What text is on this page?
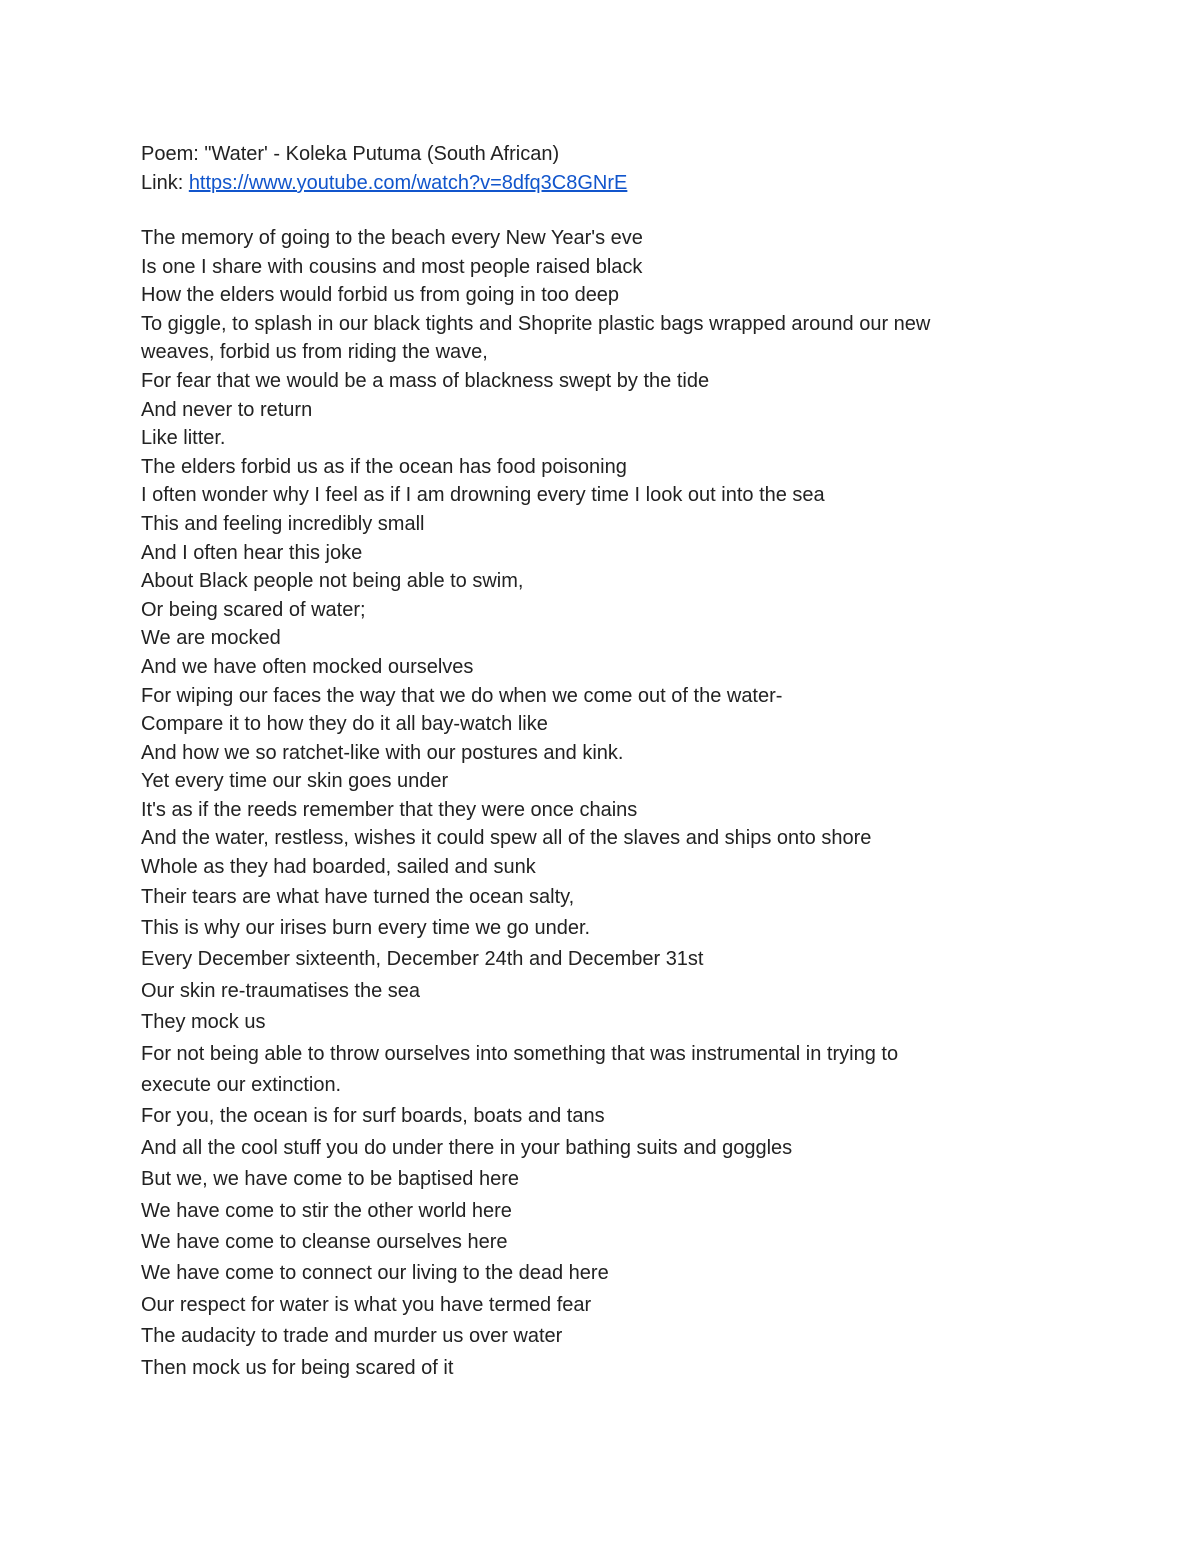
Poem: "Water' - Koleka Putuma (South African)
Link: https://www.youtube.com/watch?v=8dfq3C8GNrE
The memory of going to the beach every New Year's eve
Is one I share with cousins and most people raised black
How the elders would forbid us from going in too deep
To giggle, to splash in our black tights and Shoprite plastic bags wrapped around our new
weaves, forbid us from riding the wave,
For fear that we would be a mass of blackness swept by the tide
And never to return
Like litter.
The elders forbid us as if the ocean has food poisoning
I often wonder why I feel as if I am drowning every time I look out into the sea
This and feeling incredibly small
And I often hear this joke
About Black people not being able to swim,
Or being scared of water;
We are mocked
And we have often mocked ourselves
For wiping our faces the way that we do when we come out of the water-
Compare it to how they do it all bay-watch like
And how we so ratchet-like with our postures and kink.
Yet every time our skin goes under
It's as if the reeds remember that they were once chains
And the water, restless, wishes it could spew all of the slaves and ships onto shore
Whole as they had boarded, sailed and sunk
Their tears are what have turned the ocean salty,
This is why our irises burn every time we go under.
Every December sixteenth, December 24th and December 31st
Our skin re-traumatises the sea
They mock us
For not being able to throw ourselves into something that was instrumental in trying to
execute our extinction.
For you, the ocean is for surf boards, boats and tans
And all the cool stuff you do under there in your bathing suits and goggles
But we, we have come to be baptised here
We have come to stir the other world here
We have come to cleanse ourselves here
We have come to connect our living to the dead here
Our respect for water is what you have termed fear
The audacity to trade and murder us over water
Then mock us for being scared of it
